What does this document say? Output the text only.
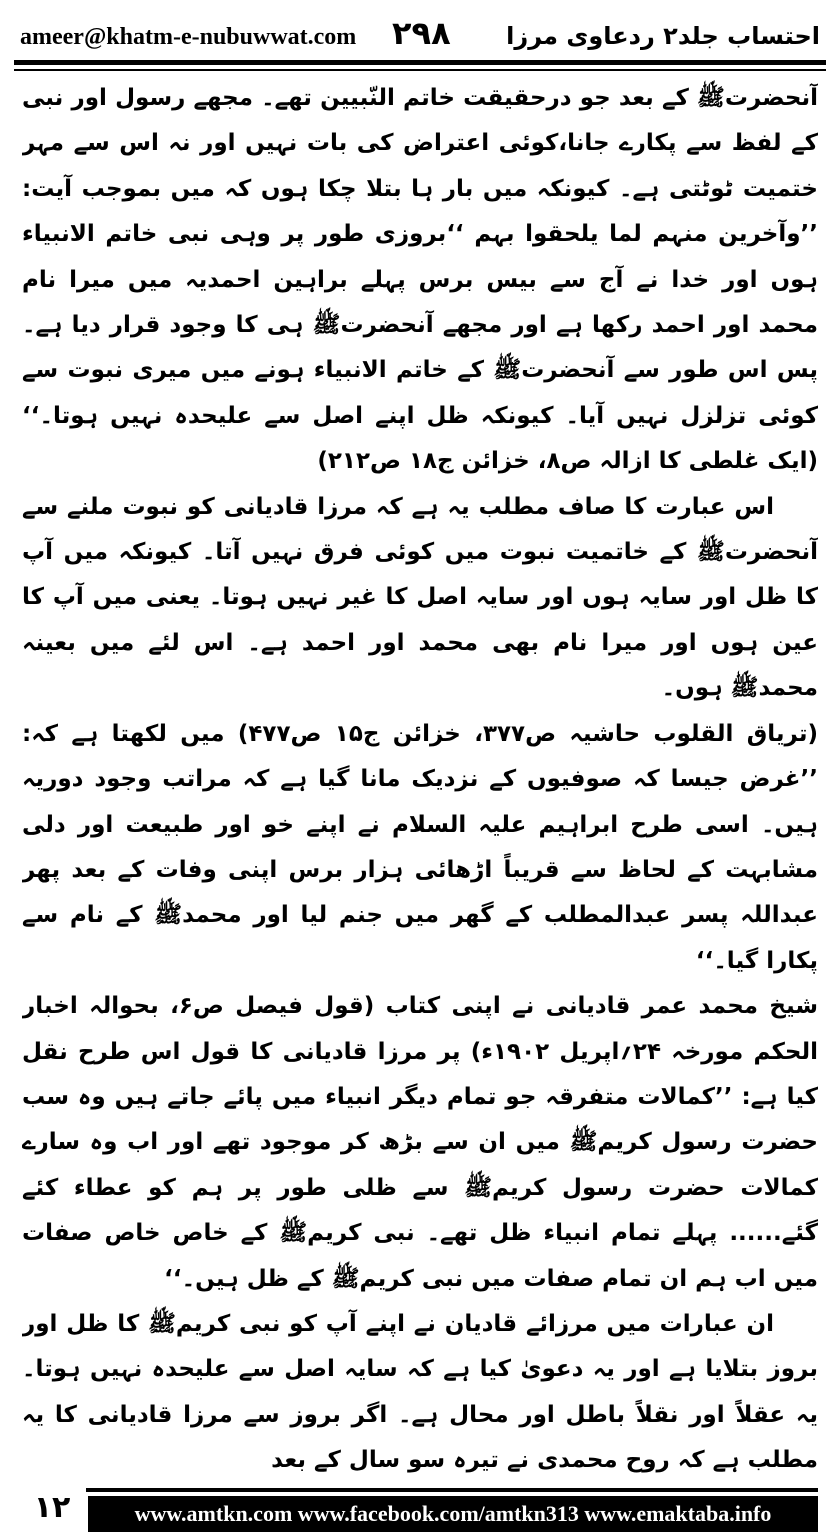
ameer@khatm-e-nubuwwat.com ۲۹۸ احتساب جلد۲ ردعاوی مرزا

آنحضرتﷺ کے بعد جو درحقیقت خاتم النّبیین تھے۔ مجھے رسول اور نبی کے لفظ سے پکارے جانا،کوئی اعتراض کی بات نہیں اور نہ اس سے مہر ختمیت ٹوٹتی ہے۔ کیونکہ میں بار ہا بتلا چکا ہوں کہ میں بموجب آیت: ’’وآخرین منہم لما یلحقوا بہم ‘‘بروزی طور پر وہی نبی خاتم الانبیاء ہوں اور خدا نے آج سے بیس برس پہلے براہین احمدیہ میں میرا نام محمد اور احمد رکھا ہے اور مجھے آنحضرتﷺ ہی کا وجود قرار دیا ہے۔ پس اس طور سے آنحضرتﷺ کے خاتم الانبیاء ہونے میں میری نبوت سے کوئی تزلزل نہیں آیا۔ کیونکہ ظل اپنے اصل سے علیحدہ نہیں ہوتا۔‘‘ (ایک غلطی کا ازالہ ص۸، خزائن ج۱۸ ص۲۱۲)

اس عبارت کا صاف مطلب یہ ہے کہ مرزا قادیانی کو نبوت ملنے سے آنحضرتﷺ کے خاتمیت نبوت میں کوئی فرق نہیں آتا۔ کیونکہ میں آپ کا ظل اور سایہ ہوں اور سایہ اصل کا غیر نہیں ہوتا۔ یعنی میں آپ کا عین ہوں اور میرا نام بھی محمد اور احمد ہے۔ اس لئے میں بعینہ محمدﷺ ہوں۔

(تریاق القلوب حاشیہ ص۳۷۷، خزائن ج۱۵ ص۴۷۷) میں لکھتا ہے کہ: ’’غرض جیسا کہ صوفیوں کے نزدیک مانا گیا ہے کہ مراتب وجود دوریہ ہیں۔ اسی طرح ابراہیم علیہ السلام نے اپنے خو اور طبیعت اور دلی مشابہت کے لحاظ سے قریباً اڑھائی ہزار برس اپنی وفات کے بعد پھر عبداللہ پسر عبدالمطلب کے گھر میں جنم لیا اور محمدﷺ کے نام سے پکارا گیا۔‘‘

شیخ محمد عمر قادیانی نے اپنی کتاب (قول فیصل ص۶، بحوالہ اخبار الحکم مورخہ ۲۴؍اپریل ۱۹۰۲ء) پر مرزا قادیانی کا قول اس طرح نقل کیا ہے: ’’کمالات متفرقہ جو تمام دیگر انبیاء میں پائے جاتے ہیں وہ سب حضرت رسول کریمﷺ میں ان سے بڑھ کر موجود تھے اور اب وہ سارے کمالات حضرت رسول کریمﷺ سے ظلی طور پر ہم کو عطاء کئے گئے...... پہلے تمام انبیاء ظل تھے۔ نبی کریمﷺ کے خاص خاص صفات میں اب ہم ان تمام صفات میں نبی کریمﷺ کے ظل ہیں۔‘‘

ان عبارات میں مرزائے قادیان نے اپنے آپ کو نبی کریمﷺ کا ظل اور بروز بتلایا ہے اور یہ دعویٰ کیا ہے کہ سایہ اصل سے علیحدہ نہیں ہوتا۔ یہ عقلاً اور نقلاً باطل اور محال ہے۔ اگر بروز سے مرزا قادیانی کا یہ مطلب ہے کہ روح محمدی نے تیرہ سو سال کے بعد

۱۲	www.amtkn.com www.facebook.com/amtkn313 www.emaktaba.info
